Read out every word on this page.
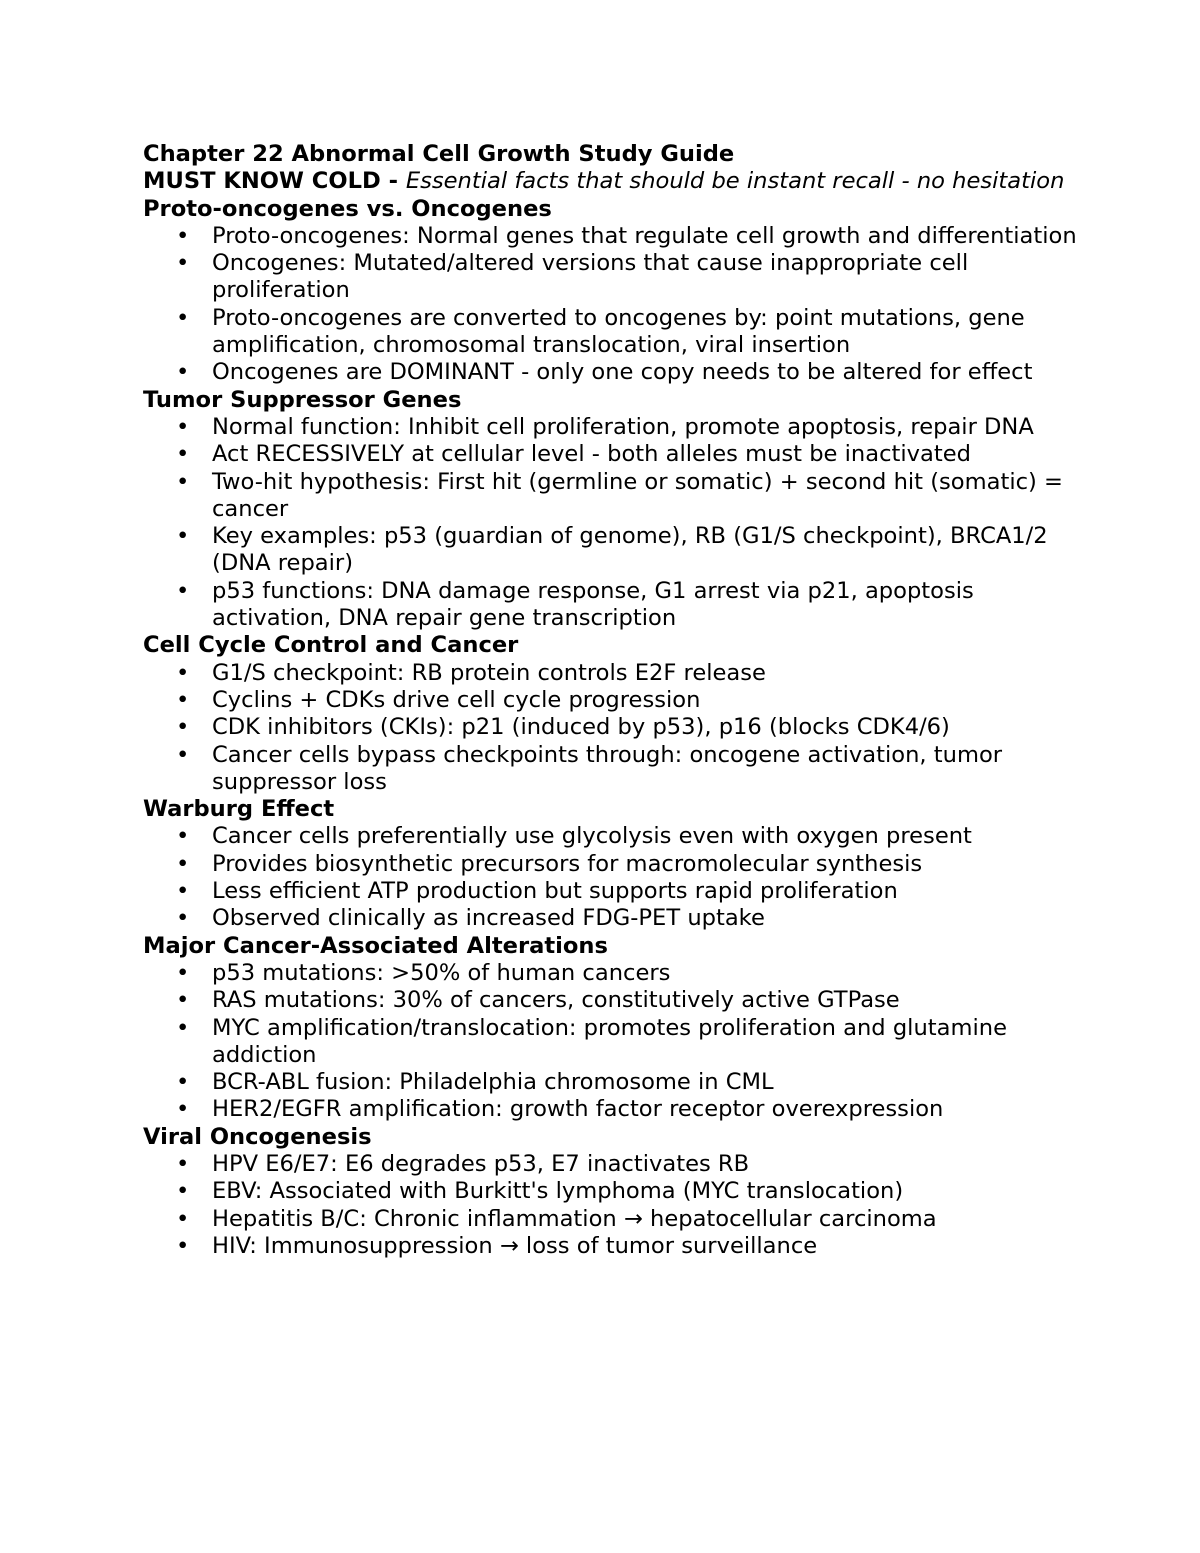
Chapter 22 Abnormal Cell Growth Study Guide

MUST KNOW COLD - Essential facts that should be instant recall - no hesitation

Proto-oncogenes vs. Oncogenes
• Proto-oncogenes: Normal genes that regulate cell growth and differentiation
• Oncogenes: Mutated/altered versions that cause inappropriate cell proliferation
• Proto-oncogenes are converted to oncogenes by: point mutations, gene amplification, chromosomal translocation, viral insertion
• Oncogenes are DOMINANT - only one copy needs to be altered for effect
Tumor Suppressor Genes
• Normal function: Inhibit cell proliferation, promote apoptosis, repair DNA
• Act RECESSIVELY at cellular level - both alleles must be inactivated
• Two-hit hypothesis: First hit (germline or somatic) + second hit (somatic) = cancer
• Key examples: p53 (guardian of genome), RB (G1/S checkpoint), BRCA1/2 (DNA repair)
• p53 functions: DNA damage response, G1 arrest via p21, apoptosis activation, DNA repair gene transcription
Cell Cycle Control and Cancer
• G1/S checkpoint: RB protein controls E2F release
• Cyclins + CDKs drive cell cycle progression
• CDK inhibitors (CKIs): p21 (induced by p53), p16 (blocks CDK4/6)
• Cancer cells bypass checkpoints through: oncogene activation, tumor suppressor loss
Warburg Effect
• Cancer cells preferentially use glycolysis even with oxygen present
• Provides biosynthetic precursors for macromolecular synthesis
• Less efficient ATP production but supports rapid proliferation
• Observed clinically as increased FDG-PET uptake
Major Cancer-Associated Alterations
• p53 mutations: >50% of human cancers
• RAS mutations: 30% of cancers, constitutively active GTPase
• MYC amplification/translocation: promotes proliferation and glutamine addiction
• BCR-ABL fusion: Philadelphia chromosome in CML
• HER2/EGFR amplification: growth factor receptor overexpression
Viral Oncogenesis
• HPV E6/E7: E6 degrades p53, E7 inactivates RB
• EBV: Associated with Burkitt's lymphoma (MYC translocation)
• Hepatitis B/C: Chronic inflammation → hepatocellular carcinoma
• HIV: Immunosuppression → loss of tumor surveillance
